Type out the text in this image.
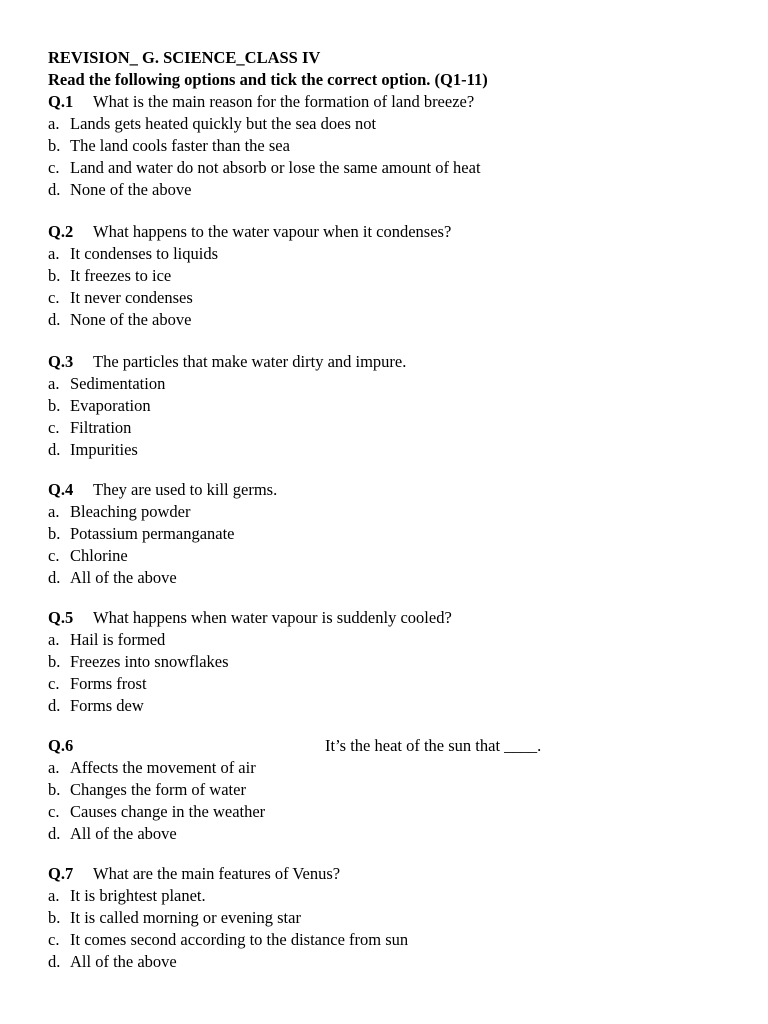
REVISION_ G. SCIENCE_CLASS IV
Read the following options and tick the correct option. (Q1-11)
Q.1 What is the main reason for the formation of land breeze?
a. Lands gets heated quickly but the sea does not
b. The land cools faster than the sea
c. Land and water do not absorb or lose the same amount of heat
d. None of the above
Q.2 What happens to the water vapour when it condenses?
a. It condenses to liquids
b. It freezes to ice
c. It never condenses
d. None of the above
Q.3 The particles that make water dirty and impure.
a. Sedimentation
b. Evaporation
c. Filtration
d. Impurities
Q.4 They are used to kill germs.
a. Bleaching powder
b. Potassium permanganate
c. Chlorine
d. All of the above
Q.5 What happens when water vapour is suddenly cooled?
a. Hail is formed
b. Freezes into snowflakes
c. Forms frost
d. Forms dew
Q.6	It’s the heat of the sun that ____.
a. Affects the movement of air
b. Changes the form of water
c. Causes change in the weather
d. All of the above
Q.7 What are the main features of Venus?
a. It is brightest planet.
b. It is called morning or evening star
c. It comes second according to the distance from sun
d. All of the above
